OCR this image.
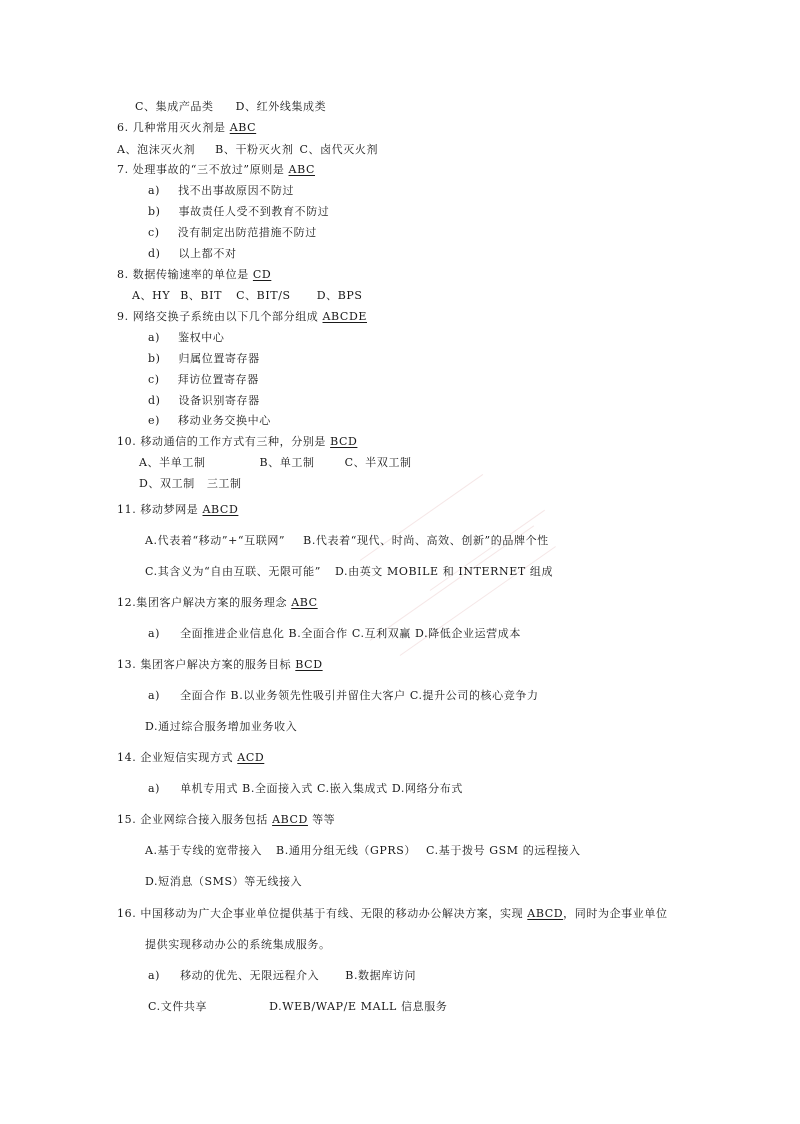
C、集成产品类 D、红外线集成类
6. 几种常用灭火剂是 ABC
A、泡沫灭火剂 B、干粉灭火剂 C、卤代灭火剂
7. 处理事故的“三不放过”原则是 ABC
a) 找不出事故原因不防过
b) 事故责任人受不到教育不防过
c) 没有制定出防范措施不防过
d) 以上都不对
8. 数据传输速率的单位是 CD
A、HY B、BIT C、BIT/S D、BPS
9. 网络交换子系统由以下几个部分组成 ABCDE
a) 鉴权中心
b) 归属位置寄存器
c) 拜访位置寄存器
d) 设备识别寄存器
e) 移动业务交换中心
10. 移动通信的工作方式有三种，分别是 BCD
A、半单工制	B、单工制	C、半双工制
D、双工制 三工制
11. 移动梦网是 ABCD
A.代表着“移动”+“互联网” B.代表着“现代、时尚、高效、创新”的品牌个性
C.其含义为“自由互联、无限可能” D.由英文 MOBILE 和 INTERNET 组成
12.集团客户解决方案的服务理念 ABC
a) 全面推进企业信息化 B.全面合作 C.互利双赢 D.降低企业运营成本
13. 集团客户解决方案的服务目标 BCD
a) 全面合作 B.以业务领先性吸引并留住大客户 C.提升公司的核心竞争力
D.通过综合服务增加业务收入
14. 企业短信实现方式 ACD
a) 单机专用式 B.全面接入式 C.嵌入集成式 D.网络分布式
15. 企业网综合接入服务包括 ABCD 等等
A.基于专线的宽带接入 B.通用分组无线（GPRS） C.基于拨号 GSM 的远程接入
D.短消息（SMS）等无线接入
16. 中国移动为广大企事业单位提供基于有线、无限的移动办公解决方案，实现 ABCD，同时为企事业单位
提供实现移动办公的系统集成服务。
a) 移动的优先、无限远程介入 B.数据库访问
C.文件共享	D.WEB/WAP/E MALL 信息服务
